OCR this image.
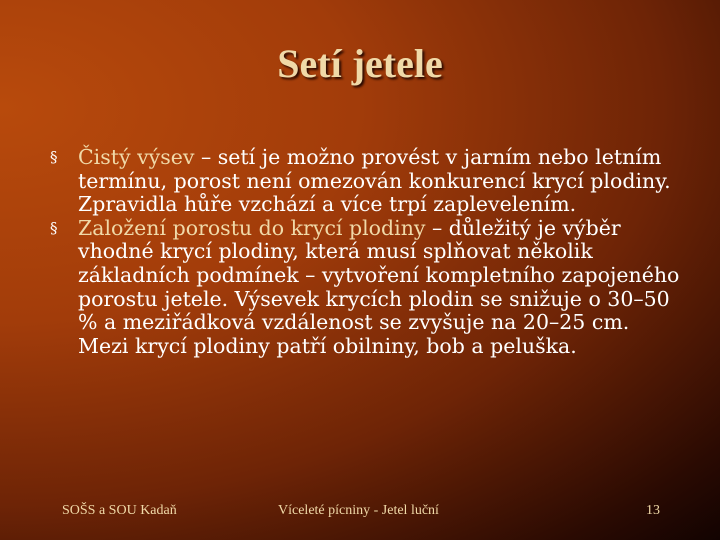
Setí jetele
§ Čistý výsev – setí je možno provést v jarním nebo letním termínu, porost není omezován konkurencí krycí plodiny. Zpravidla hůře vzchází a více trpí zaplevelením.
§ Založení porostu do krycí plodiny – důležitý je výběr vhodné krycí plodiny, která musí splňovat několik základních podmínek – vytvoření kompletního zapojeného porostu jetele. Výsevek krycích plodin se snižuje o 30–50 % a meziřádková vzdálenost se zvyšuje na 20–25 cm. Mezi krycí plodiny patří obilniny, bob a peluška.
SOŠS a SOU Kadaň	Víceleté pícniny - Jetel luční	13
